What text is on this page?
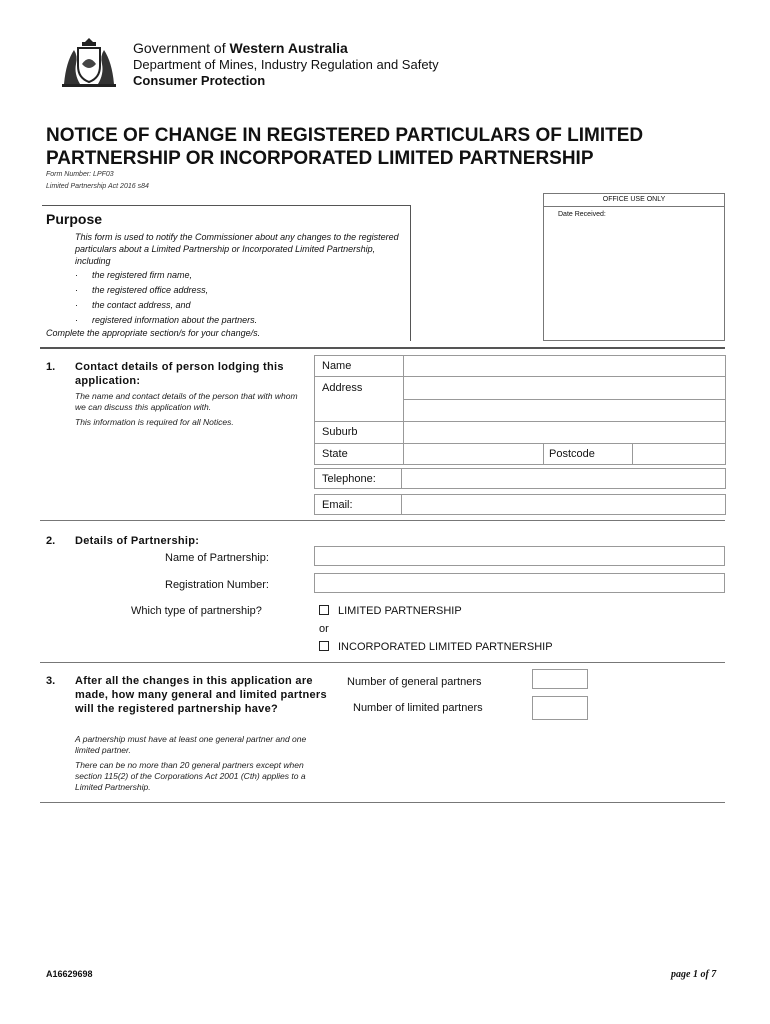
Government of Western Australia
Department of Mines, Industry Regulation and Safety
Consumer Protection
NOTICE OF CHANGE IN REGISTERED PARTICULARS OF LIMITED PARTNERSHIP OR INCORPORATED LIMITED PARTNERSHIP
Form Number: LPF03
Limited Partnership Act 2016 s84
OFFICE USE ONLY
Date Received:
Purpose
This form is used to notify the Commissioner about any changes to the registered particulars about a Limited Partnership or Incorporated Limited Partnership, including
· the registered firm name,
· the registered office address,
· the contact address, and
· registered information about the partners.
Complete the appropriate section/s for your change/s.
1. Contact details of person lodging this application:
The name and contact details of the person that with whom we can discuss this application with.
This information is required for all Notices.
Name
Address
Suburb
State	Postcode
Telephone:
Email:
2. Details of Partnership:
Name of Partnership:
Registration Number:
Which type of partnership?	LIMITED PARTNERSHIP
or
INCORPORATED LIMITED PARTNERSHIP
3. After all the changes in this application are made, how many general and limited partners will the registered partnership have?
A partnership must have at least one general partner and one limited partner.
There can be no more than 20 general partners except when section 115(2) of the Corporations Act 2001 (Cth) applies to a Limited Partnership.
Number of general partners
Number of limited partners
A16629698	page 1 of 7
